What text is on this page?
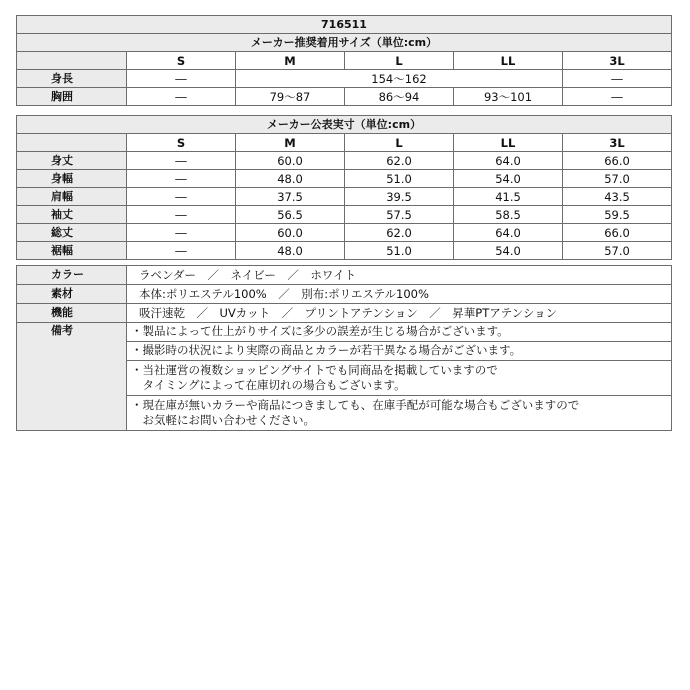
716511					
メーカー推奨着用サイズ（単位:cm）					
	S	M	L	LL	3L
身長	―	154～162			―
胸囲	―	79～87	86～94	93～101	―
メーカー公表実寸（単位:cm）					
	S	M	L	LL	3L
身丈	―	60.0	62.0	64.0	66.0
身幅	―	48.0	51.0	54.0	57.0
肩幅	―	37.5	39.5	41.5	43.5
袖丈	―	56.5	57.5	58.5	59.5
総丈	―	60.0	62.0	64.0	66.0
裾幅	―	48.0	51.0	54.0	57.0
カラー	ラベンダー　／　ネイビー　／　ホワイト
素材	本体:ポリエステル100%　／　別布:ポリエステル100%
機能	吸汗速乾　／　UVカット　／　プリントアテンション　／　昇華PTアテンション
備考	・製品によって仕上がりサイズに多少の誤差が生じる場合がございます。

	・撮影時の状況により実際の商品とカラーが若干異なる場合がございます。

	・当社運営の複数ショッピングサイトでも同商品を掲載していますので
　タイミングによって在庫切れの場合もございます。

	・現在庫が無いカラーや商品につきましても、在庫手配が可能な場合もございますので
　お気軽にお問い合わせください。
